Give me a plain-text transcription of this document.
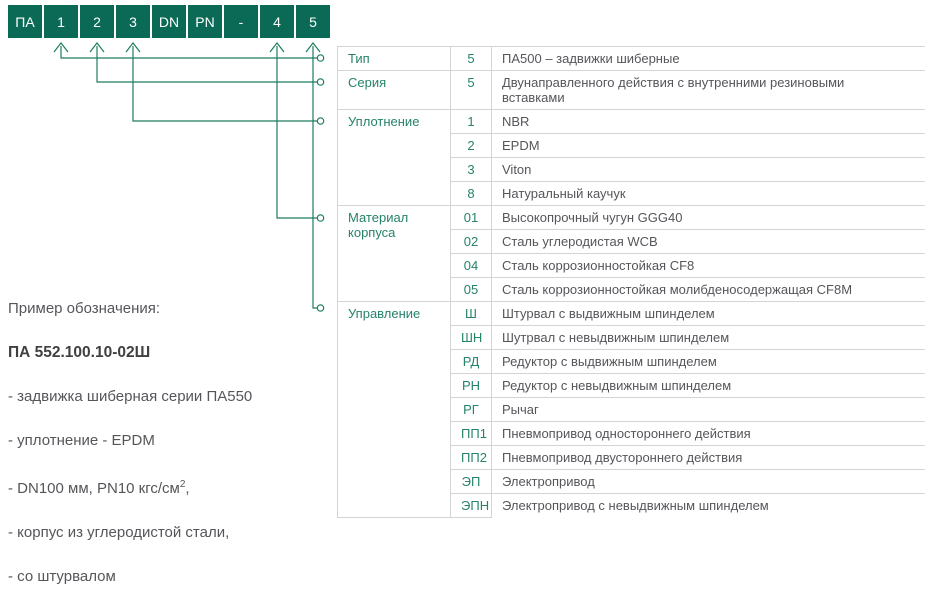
ПА	1	2	3	DN	PN	-	4	5
Тип	5	ПА500 – задвижки шиберные
Серия	5	Двунаправленного действия с внутренними резиновыми вставками
Уплотнение	1	NBR
	2	EPDM
	3	Viton
	8	Натуральный каучук
Материал корпуса	01	Высокопрочный чугун GGG40
	02	Сталь углеродистая WCB
	04	Сталь коррозионностойкая CF8
	05	Сталь коррозионностойкая молибденосодержащая CF8M
Управление	Ш	Штурвал с выдвижным шпинделем
	ШН	Шутрвал с невыдвижным шпинделем
	РД	Редуктор с выдвижным шпинделем
	РН	Редуктор с невыдвижным шпинделем
	РГ	Рычаг
	ПП1	Пневмопривод одностороннего действия
	ПП2	Пневмопривод двустороннего действия
	ЭП	Электропривод
	ЭПН	Электропривод с невыдвижным шпинделем

Пример обозначения:

ПА 552.100.10-02Ш

- задвижка шиберная серии ПА550

- уплотнение - EPDM

- DN100 мм, PN10 кгс/$см^2$,

- корпус из углеродистой стали,

- со штурвалом
